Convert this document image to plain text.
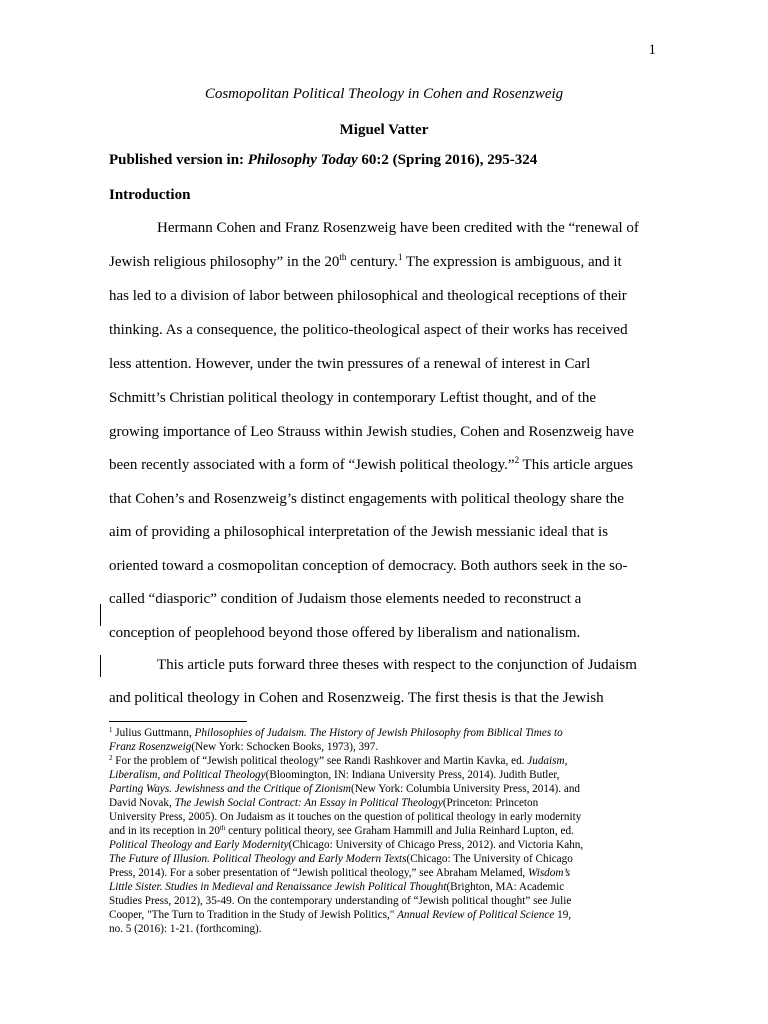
1
Cosmopolitan Political Theology in Cohen and Rosenzweig
Miguel Vatter
Published version in: Philosophy Today 60:2 (Spring 2016), 295-324
Introduction
Hermann Cohen and Franz Rosenzweig have been credited with the “renewal of
Jewish religious philosophy” in the 20th century.$^1$ The expression is ambiguous, and it
has led to a division of labor between philosophical and theological receptions of their
thinking. As a consequence, the politico-theological aspect of their works has received
less attention. However, under the twin pressures of a renewal of interest in Carl
Schmitt’s Christian political theology in contemporary Leftist thought, and of the
growing importance of Leo Strauss within Jewish studies, Cohen and Rosenzweig have
been recently associated with a form of “Jewish political theology.”$^2$ This article argues
that Cohen’s and Rosenzweig’s distinct engagements with political theology share the
aim of providing a philosophical interpretation of the Jewish messianic ideal that is
oriented toward a cosmopolitan conception of democracy. Both authors seek in the so-
called “diasporic” condition of Judaism those elements needed to reconstruct a
conception of peoplehood beyond those offered by liberalism and nationalism.
This article puts forward three theses with respect to the conjunction of Judaism
and political theology in Cohen and Rosenzweig. The first thesis is that the Jewish
$^1$ Julius Guttmann, Philosophies of Judaism. The History of Jewish Philosophy from Biblical Times to
Franz Rosenzweig(New York: Schocken Books, 1973), 397.
$^2$ For the problem of “Jewish political theology” see Randi Rashkover and Martin Kavka, ed. Judaism,
Liberalism, and Political Theology(Bloomington, IN: Indiana University Press, 2014). Judith Butler,
Parting Ways. Jewishness and the Critique of Zionism(New York: Columbia University Press, 2014). and
David Novak, The Jewish Social Contract: An Essay in Political Theology(Princeton: Princeton
University Press, 2005). On Judaism as it touches on the question of political theology in early modernity
and in its reception in 20th century political theory, see Graham Hammill and Julia Reinhard Lupton, ed.
Political Theology and Early Modernity(Chicago: University of Chicago Press, 2012). and Victoria Kahn,
The Future of Illusion. Political Theology and Early Modern Texts(Chicago: The University of Chicago
Press, 2014). For a sober presentation of “Jewish political theology,” see Abraham Melamed, Wisdom’s
Little Sister. Studies in Medieval and Renaissance Jewish Political Thought(Brighton, MA: Academic
Studies Press, 2012), 35-49. On the contemporary understanding of “Jewish political thought” see Julie
Cooper, "The Turn to Tradition in the Study of Jewish Politics," Annual Review of Political Science 19,
no. 5 (2016): 1-21. (forthcoming).
